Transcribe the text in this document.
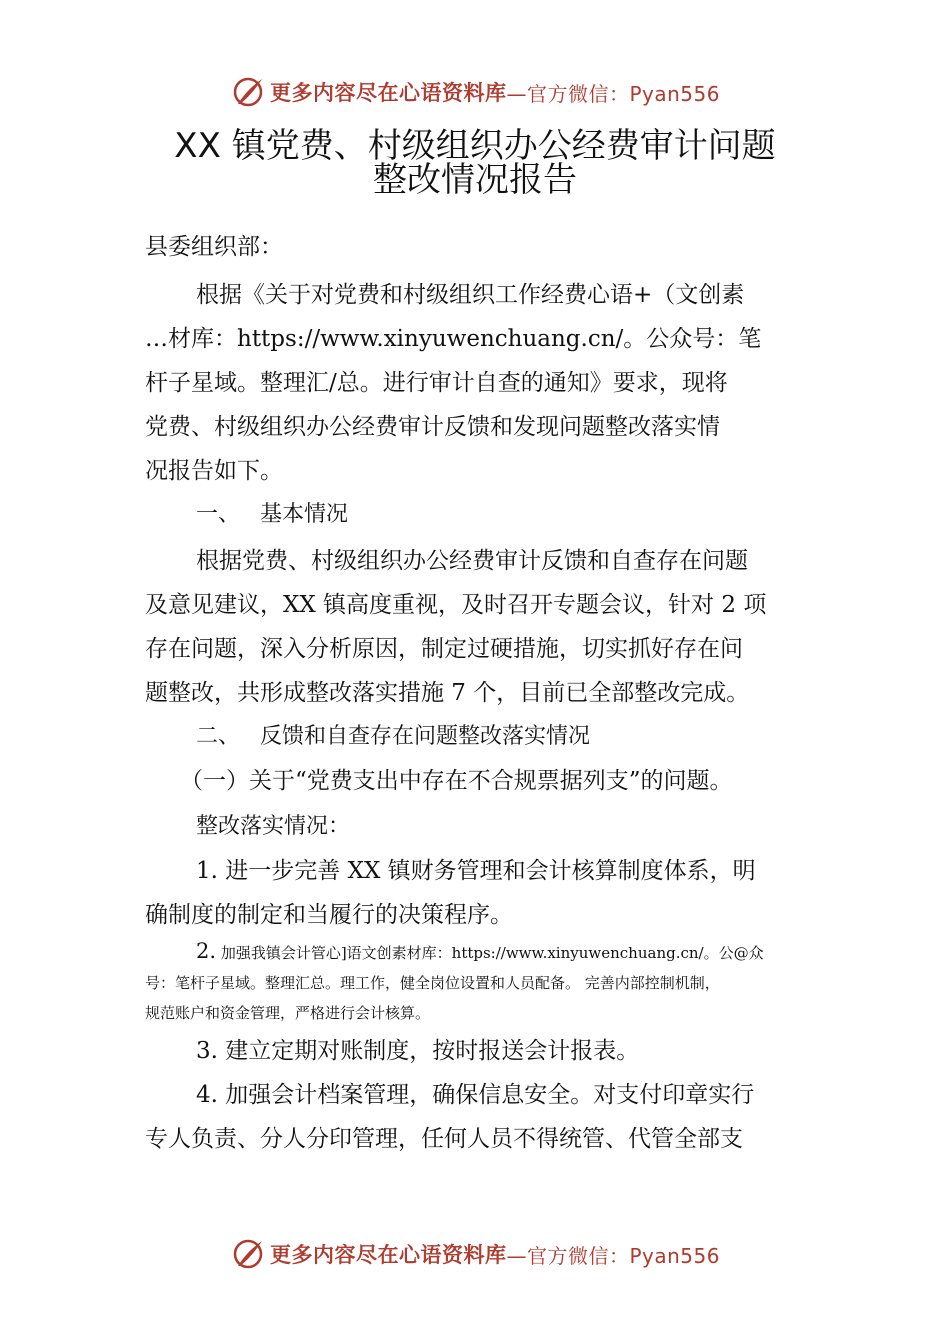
更多内容尽在心语资料库 —官方微信：Pyan556
XX 镇党费、村级组织办公经费审计问题
整改情况报告
县委组织部：
根据《关于对党费和村级组织工作经费心语+（文创素
…材库：https://www.xinyuwenchuang.cn/。公众号：笔
杆子星域。整理汇/总。进行审计自查的通知》要求，现将
党费、村级组织办公经费审计反馈和发现问题整改落实情
况报告如下。
一、 基本情况
根据党费、村级组织办公经费审计反馈和自查存在问题
及意见建议，XX 镇高度重视，及时召开专题会议，针对 2 项
存在问题，深入分析原因，制定过硬措施，切实抓好存在问
题整改，共形成整改落实措施 7 个，目前已全部整改完成。
二、 反馈和自查存在问题整改落实情况
（一）关于“党费支出中存在不合规票据列支”的问题。
整改落实情况：
1. 进一步完善 XX 镇财务管理和会计核算制度体系，明
确制度的制定和当履行的决策程序。
2. 加强我镇会计管心]语文创素材库：https://www.xinyuwenchuang.cn/。公@众
号：笔杆子星域。整理汇总。理工作，健全岗位设置和人员配备。 完善内部控制机制，
规范账户和资金管理，严格进行会计核算。
3. 建立定期对账制度，按时报送会计报表。
4. 加强会计档案管理，确保信息安全。对支付印章实行
专人负责、分人分印管理，任何人员不得统管、代管全部支
更多内容尽在心语资料库 —官方微信：Pyan556
